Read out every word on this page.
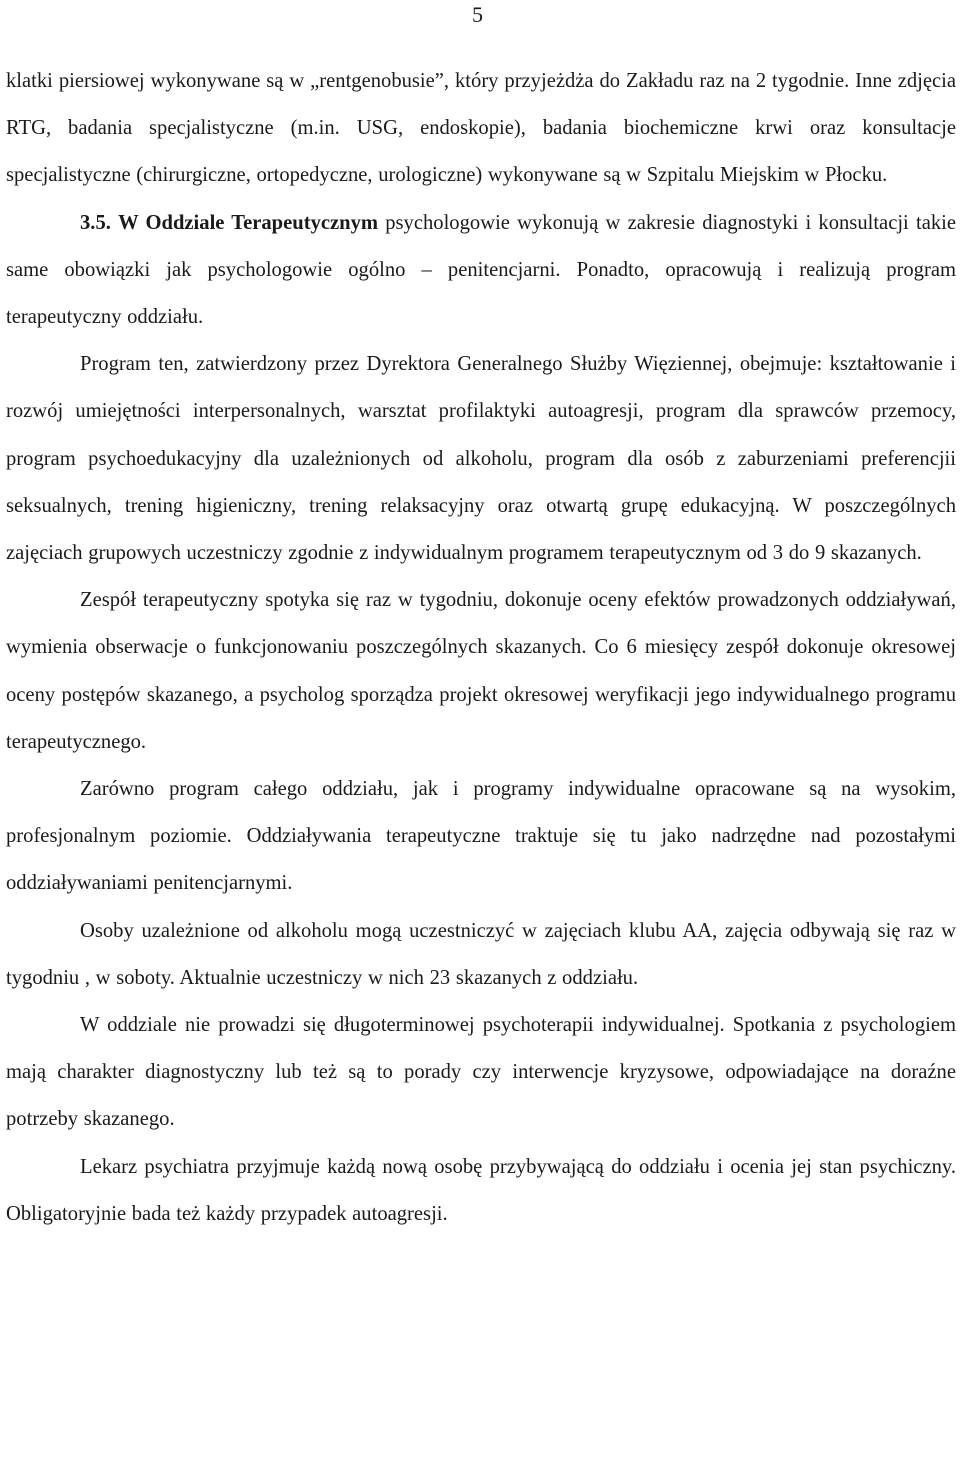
5

klatki piersiowej wykonywane są w „rentgenobusie”, który przyjeżdża do Zakładu raz na 2 tygodnie. Inne zdjęcia RTG, badania specjalistyczne (m.in. USG, endoskopie), badania biochemiczne krwi oraz konsultacje specjalistyczne (chirurgiczne, ortopedyczne, urologiczne) wykonywane są w Szpitalu Miejskim w Płocku.

3.5. W Oddziale Terapeutycznym psychologowie wykonują w zakresie diagnostyki i konsultacji takie same obowiązki jak psychologowie ogólno – penitencjarni. Ponadto, opracowują i realizują program terapeutyczny oddziału.

Program ten, zatwierdzony przez Dyrektora Generalnego Służby Więziennej, obejmuje: kształtowanie i rozwój umiejętności interpersonalnych, warsztat profilaktyki autoagresji, program dla sprawców przemocy, program psychoedukacyjny dla uzależnionych od alkoholu, program dla osób z zaburzeniami preferencjii seksualnych, trening higieniczny, trening relaksacyjny oraz otwartą grupę edukacyjną. W poszczególnych zajęciach grupowych uczestniczy zgodnie z indywidualnym programem terapeutycznym od 3 do 9 skazanych.

Zespół terapeutyczny spotyka się raz w tygodniu, dokonuje oceny efektów prowadzonych oddziaływań, wymienia obserwacje o funkcjonowaniu poszczególnych skazanych. Co 6 miesięcy zespół dokonuje okresowej oceny postępów skazanego, a psycholog sporządza projekt okresowej weryfikacji jego indywidualnego programu terapeutycznego.

Zarówno program całego oddziału, jak i programy indywidualne opracowane są na wysokim, profesjonalnym poziomie. Oddziaływania terapeutyczne traktuje się tu jako nadrzędne nad pozostałymi oddziaływaniami penitencjarnymi.

Osoby uzależnione od alkoholu mogą uczestniczyć w zajęciach klubu AA, zajęcia odbywają się raz w tygodniu , w soboty. Aktualnie uczestniczy w nich 23 skazanych z oddziału.

W oddziale nie prowadzi się długoterminowej psychoterapii indywidualnej. Spotkania z psychologiem mają charakter diagnostyczny lub też są to porady czy interwencje kryzysowe, odpowiadające na doraźne potrzeby skazanego.

Lekarz psychiatra przyjmuje każdą nową osobę przybywającą do oddziału i ocenia jej stan psychiczny. Obligatoryjnie bada też każdy przypadek autoagresji.
